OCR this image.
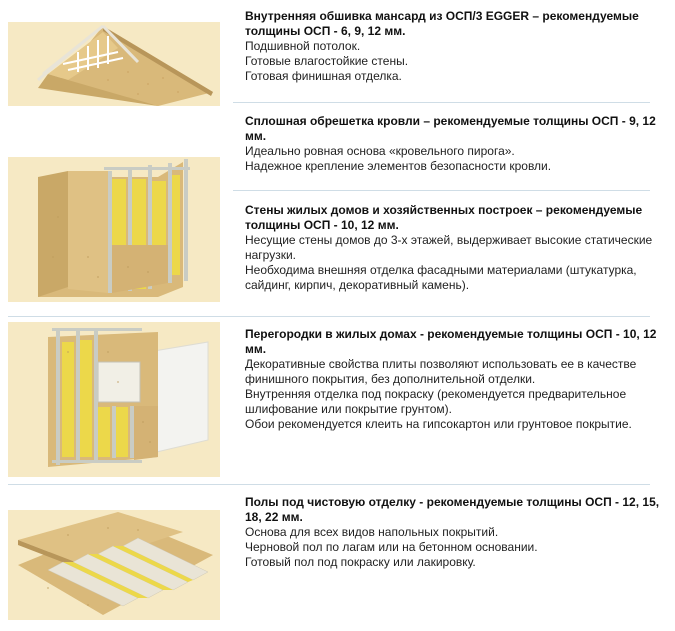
Внутренняя обшивка мансард из ОСП/3 EGGER – рекомендуемые толщины ОСП - 6, 9, 12 мм.
Подшивной потолок.
Готовые влагостойкие стены.
Готовая финишная отделка.
Сплошная обрешетка кровли – рекомендуемые толщины ОСП - 9, 12 мм.
Идеально ровная основа «кровельного пирога».
Надежное крепление элементов безопасности кровли.
Стены жилых домов и хозяйственных построек – рекомендуемые толщины ОСП - 10, 12 мм.
Несущие стены домов до 3-х этажей, выдерживает высокие статические нагрузки.
Необходима внешняя отделка фасадными материалами (штукатурка, сайдинг, кирпич, декоративный камень).
Перегородки в жилых домах - рекомендуемые толщины ОСП - 10, 12 мм.
Декоративные свойства плиты позволяют использовать ее в качестве финишного покрытия, без дополнительной отделки.
Внутренняя отделка под покраску (рекомендуется предварительное шлифование или покрытие грунтом).
Обои рекомендуется клеить на гипсокартон или грунтовое покрытие.
Полы под чистовую отделку - рекомендуемые толщины ОСП - 12, 15, 18, 22 мм.
Основа для всех видов напольных покрытий.
Черновой пол по лагам или на бетонном основании.
Готовый пол под покраску или лакировку.
